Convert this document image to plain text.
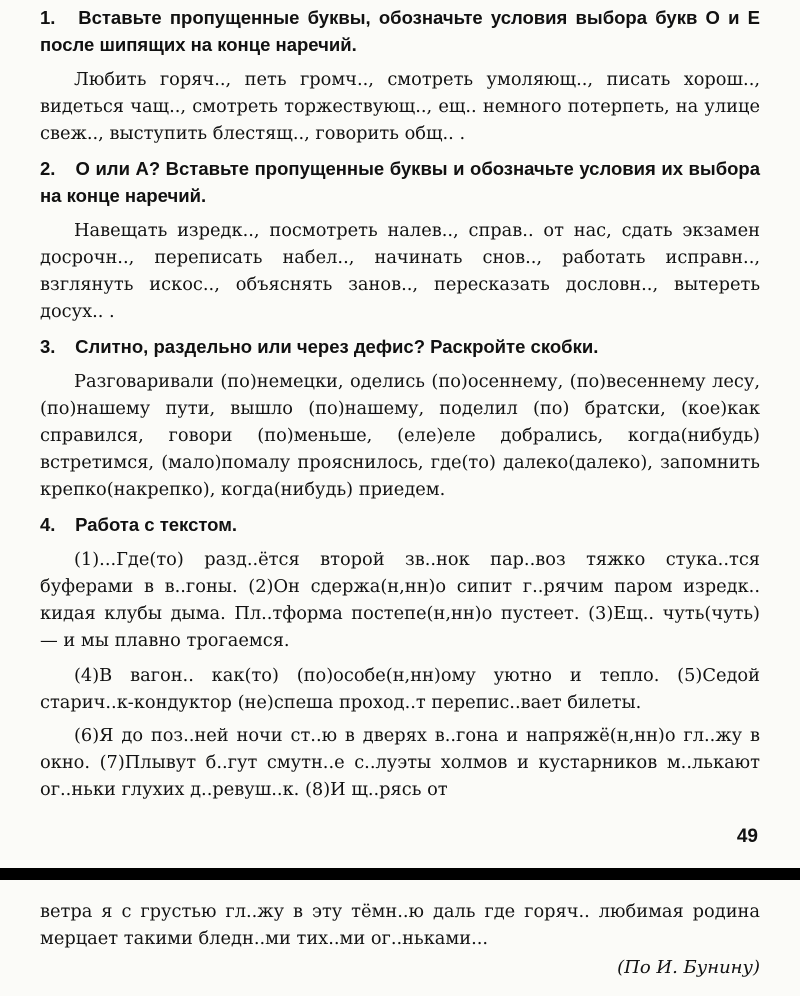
1. Вставьте пропущенные буквы, обозначьте условия выбора букв О и Е после шипящих на конце наречий.

Любить горяч.., петь громч.., смотреть умоляющ.., писать хорош.., видеться чащ.., смотреть торжествующ.., ещ.. немного потерпеть, на улице свеж.., выступить блестящ.., говорить общ.. .

2. О или А? Вставьте пропущенные буквы и обозначьте условия их выбора на конце наречий.

Навещать изредк.., посмотреть налев.., справ.. от нас, сдать экзамен досрочн.., переписать набел.., начинать снов.., работать исправн.., взглянуть искос.., объяснять занов.., пересказать дословн.., вытереть досух.. .

3. Слитно, раздельно или через дефис? Раскройте скобки.

Разговаривали (по)немецки, оделись (по)осеннему, (по)весеннему лесу, (по)нашему пути, вышло (по)нашему, поделил (по) братски, (кое)как справился, говори (по)меньше, (еле)еле добрались, когда(нибудь) встретимся, (мало)помалу прояснилось, где(то) далеко(далеко), запомнить крепко(накрепко), когда(нибудь) приедем.

4. Работа с текстом.

(1)...Где(то) разд..ётся второй зв..нок пар..воз тяжко стука..тся буферами в в..гоны. (2)Он сдержа(н,нн)о сипит г..рячим паром изредк.. кидая клубы дыма. Пл..тформа постепе(н,нн)о пустеет. (3)Ещ.. чуть(чуть) — и мы плавно трогаемся.

(4)В вагон.. как(то) (по)особе(н,нн)ому уютно и тепло. (5)Седой старич..к-кондуктор (не)спеша проход..т перепис..вает билеты.

(6)Я до поз..ней ночи ст..ю в дверях в..гона и напряжё(н,нн)о гл..жу в окно. (7)Плывут б..гут смутн..е с..луэты холмов и кустарников м..лькают ог..ньки глухих д..ревуш..к. (8)И щ..рясь от

49

ветра я с грустью гл..жу в эту тёмн..ю даль где горяч.. любимая родина мерцает такими бледн..ми тих..ми ог..ньками...

(По И. Бунину)
